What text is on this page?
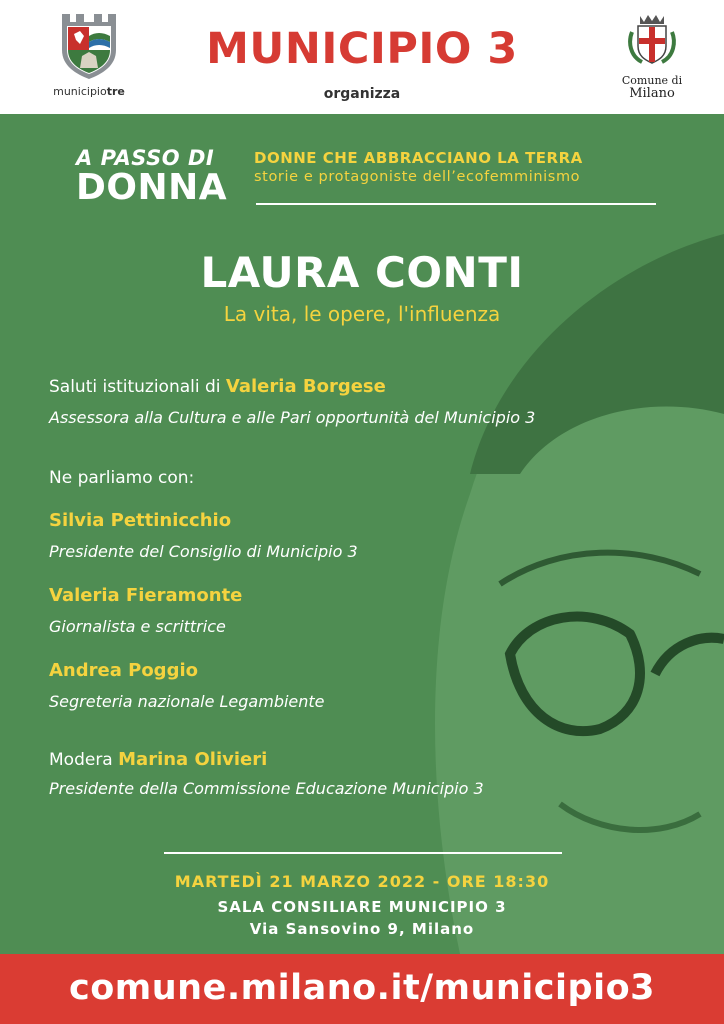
municipiotre
MUNICIPIO 3
organizza
Comune di
Milano
A PASSO DI
DONNA
DONNE CHE ABBRACCIANO LA TERRA
storie e protagoniste dell’ecofemminismo
LAURA CONTI
La vita, le opere, l'influenza
Saluti istituzionali di Valeria Borgese
Assessora alla Cultura e alle Pari opportunità del Municipio 3
Ne parliamo con:
Silvia Pettinicchio
Presidente del Consiglio di Municipio 3
Valeria Fieramonte
Giornalista e scrittrice
Andrea Poggio
Segreteria nazionale Legambiente
Modera Marina Olivieri
Presidente della Commissione Educazione Municipio 3
MARTEDÌ 21 MARZO 2022 - ORE 18:30
SALA CONSILIARE MUNICIPIO 3
Via Sansovino 9, Milano
comune.milano.it/municipio3
